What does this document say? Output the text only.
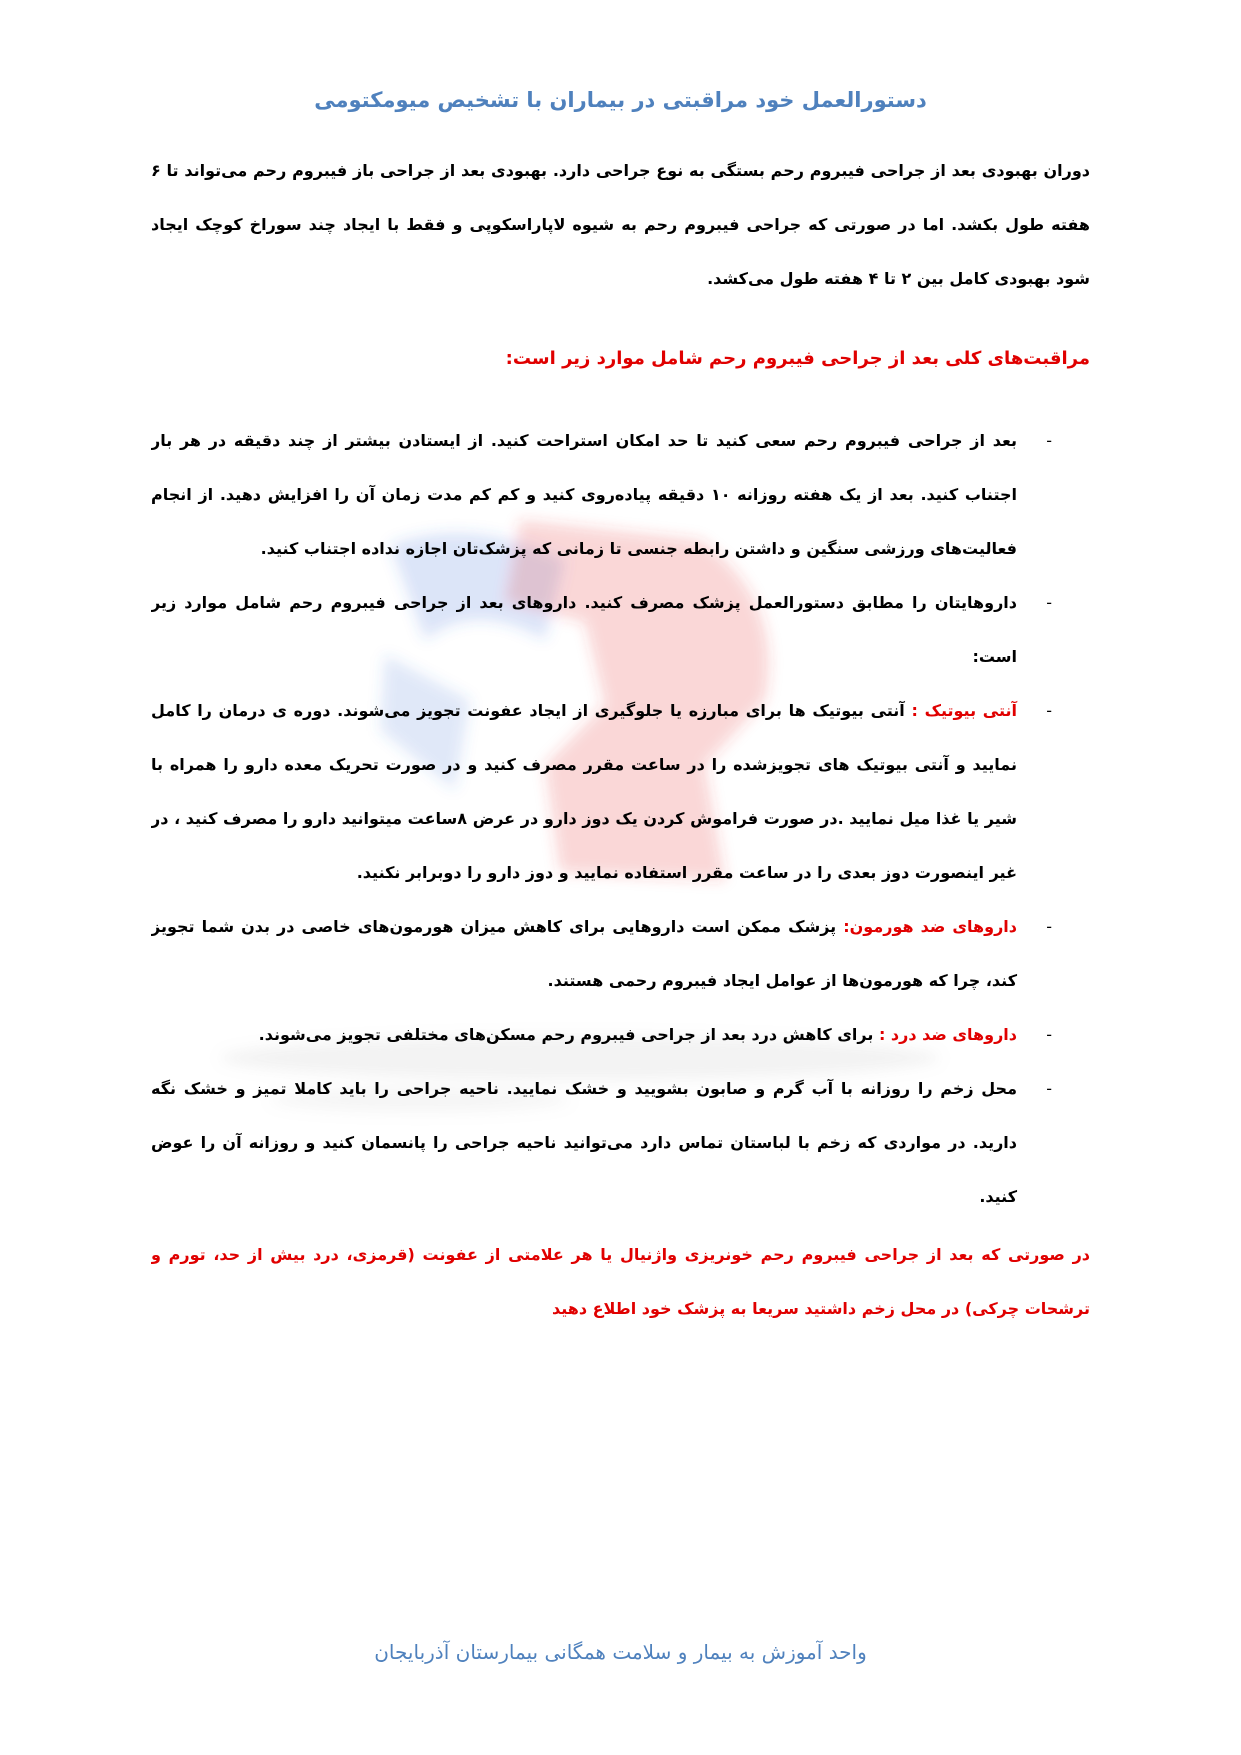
دستورالعمل خود مراقبتی در بیماران با تشخیص میومکتومی

دوران بهبودی بعد از جراحی فیبروم رحم بستگی به نوع جراحی دارد. بهبودی بعد از جراحی باز فیبروم رحم می‌تواند تا ۶ هفته طول بکشد. اما در صورتی که جراحی فیبروم رحم به شیوه لاپاراسکوپی و فقط با ایجاد چند سوراخ کوچک ایجاد شود بهبودی کامل بین ۲ تا ۴ هفته طول می‌کشد.

مراقبت‌های کلی بعد از جراحی فیبروم رحم شامل موارد زیر است:
-
بعد از جراحی فیبروم رحم سعی کنید تا حد امکان استراحت کنید. از ایستادن بیشتر از چند دقیقه در هر بار اجتناب کنید. بعد از یک هفته روزانه ۱۰ دقیقه پیاده‌روی کنید و کم کم مدت زمان آن را افزایش دهید. از انجام فعالیت‌های ورزشی سنگین و داشتن رابطه جنسی تا زمانی که پزشک‌تان اجازه نداده اجتناب کنید.
-
داروهایتان را مطابق دستورالعمل پزشک مصرف کنید. داروهای بعد از جراحی فیبروم رحم شامل موارد زیر است:
-
آنتی بیوتیک : آنتی بیوتیک ها برای مبارزه یا جلوگیری از ایجاد عفونت تجویز می‌شوند. دوره ی درمان را کامل نمایید و آنتی بیوتیک های تجویزشده را در ساعت مقرر مصرف کنید و در صورت تحریک معده دارو را همراه با شیر یا غذا میل نمایید .در صورت فراموش کردن یک دوز دارو در عرض ۸ساعت میتوانید دارو را مصرف کنید ، در غیر اینصورت دوز بعدی را در ساعت مقرر استفاده نمایید و دوز دارو را دوبرابر نکنید.
-
داروهای ضد هورمون: پزشک ممکن است داروهایی برای کاهش میزان هورمون‌های خاصی در بدن شما تجویز کند، چرا که هورمون‌ها از عوامل ایجاد فیبروم رحمی هستند.
-
داروهای ضد درد : برای کاهش درد بعد از جراحی فیبروم رحم مسکن‌های مختلفی تجویز می‌شوند.
-
محل زخم را روزانه با آب گرم و صابون بشویید و خشک نمایید. ناحیه جراحی را باید کاملا تمیز و خشک نگه دارید. در مواردی که زخم با لباستان تماس دارد می‌توانید ناحیه جراحی را پانسمان کنید و روزانه آن را عوض کنید.

در صورتی که بعد از جراحی فیبروم رحم خونریزی واژنیال یا هر علامتی از عفونت (قرمزی، درد بیش از حد، تورم و ترشحات چرکی) در محل زخم داشتید سریعا به پزشک خود اطلاع دهید

واحد آموزش به بیمار و سلامت همگانی بیمارستان آذربایجان
